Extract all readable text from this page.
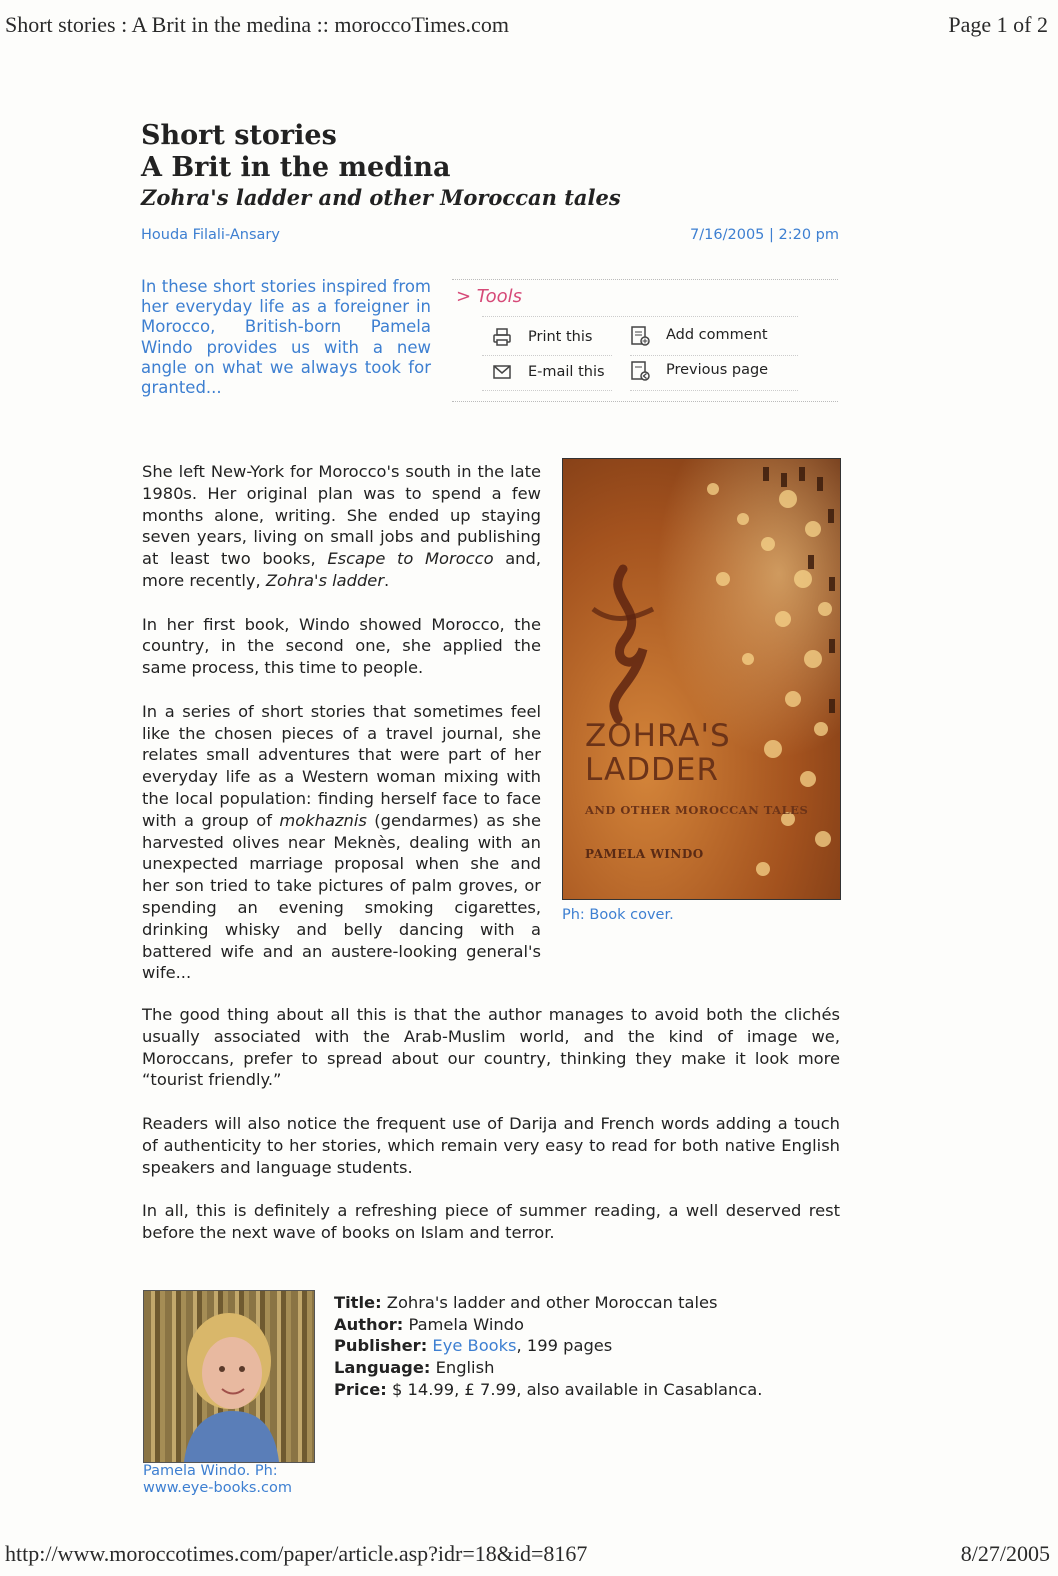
Short stories : A Brit in the medina :: moroccoTimes.com	Page 1 of 2
Short stories
A Brit in the medina
Zohra's ladder and other Moroccan tales
Houda Filali-Ansary	7/16/2005 | 2:20 pm
In these short stories inspired from her everyday life as a foreigner in Morocco, British-born Pamela Windo provides us with a new angle on what we always took for granted...
> Tools
Print this	Add comment
E-mail this	Previous page
ZOHRA'S
LADDER
AND OTHER MOROCCAN TALES
PAMELA WINDO
Ph: Book cover.

She left New-York for Morocco's south in the late 1980s. Her original plan was to spend a few months alone, writing. She ended up staying seven years, living on small jobs and publishing at least two books, Escape to Morocco and, more recently, Zohra's ladder.

In her first book, Windo showed Morocco, the country, in the second one, she applied the same process, this time to people.

In a series of short stories that sometimes feel like the chosen pieces of a travel journal, she relates small adventures that were part of her everyday life as a Western woman mixing with the local population: finding herself face to face with a group of mokhaznis (gendarmes) as she harvested olives near Meknès, dealing with an unexpected marriage proposal when she and her son tried to take pictures of palm groves, or spending an evening smoking cigarettes, drinking whisky and belly dancing with a battered wife and an austere-looking general's wife...

The good thing about all this is that the author manages to avoid both the clichés usually associated with the Arab-Muslim world, and the kind of image we, Moroccans, prefer to spread about our country, thinking they make it look more “tourist friendly.”

Readers will also notice the frequent use of Darija and French words adding a touch of authenticity to her stories, which remain very easy to read for both native English speakers and language students.

In all, this is definitely a refreshing piece of summer reading, a well deserved rest before the next wave of books on Islam and terror.

Pamela Windo. Ph:
www.eye-books.com
Title: Zohra's ladder and other Moroccan tales
Author: Pamela Windo
Publisher: Eye Books, 199 pages
Language: English
Price: $ 14.99, £ 7.99, also available in Casablanca.
http://www.moroccotimes.com/paper/article.asp?idr=18&id=8167	8/27/2005
